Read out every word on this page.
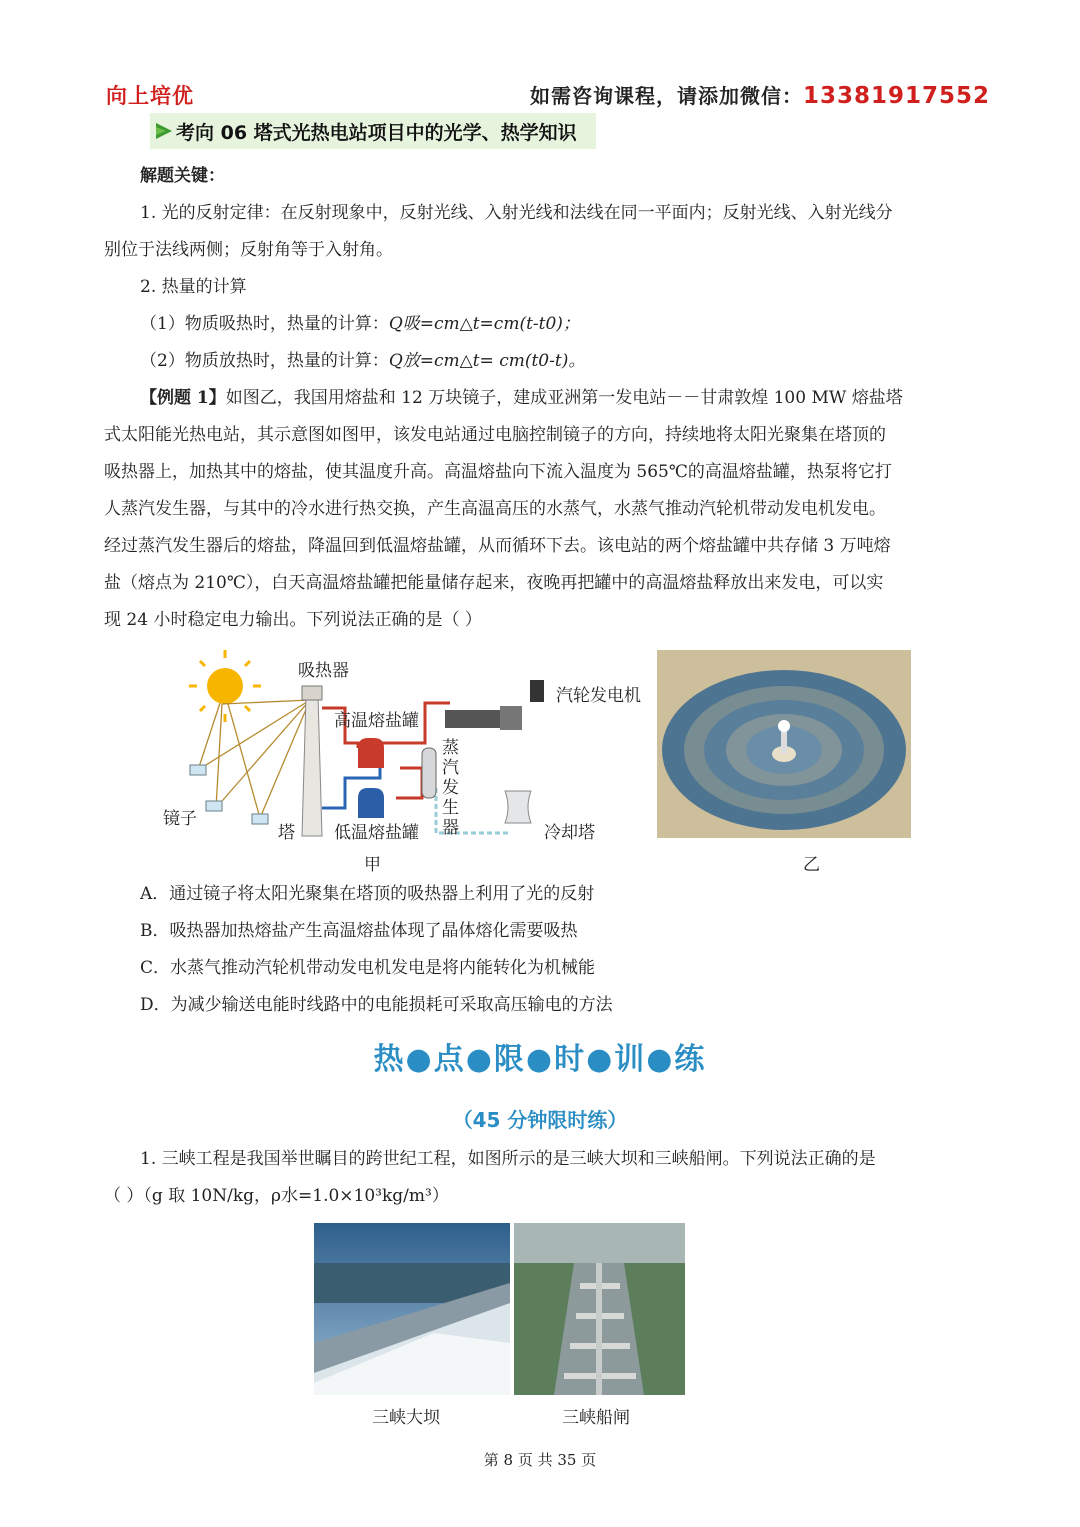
向上培优	如需咨询课程，请添加微信：13381917552
考向 06 塔式光热电站项目中的光学、热学知识
解题关键：
1. 光的反射定律：在反射现象中，反射光线、入射光线和法线在同一平面内；反射光线、入射光线分
别位于法线两侧；反射角等于入射角。
2. 热量的计算
（1）物质吸热时，热量的计算：Q吸=cm△t=cm(t-t0)；
（2）物质放热时，热量的计算：Q放=cm△t= cm(t0-t)。
【例题 1】如图乙，我国用熔盐和 12 万块镜子，建成亚洲第一发电站－－甘肃敦煌 100 MW 熔盐塔
式太阳能光热电站，其示意图如图甲，该发电站通过电脑控制镜子的方向，持续地将太阳光聚集在塔顶的
吸热器上，加热其中的熔盐，使其温度升高。高温熔盐向下流入温度为 565℃的高温熔盐罐，热泵将它打
人蒸汽发生器，与其中的冷水进行热交换，产生高温高压的水蒸气，水蒸气推动汽轮机带动发电机发电。
经过蒸汽发生器后的熔盐，降温回到低温熔盐罐，从而循环下去。该电站的两个熔盐罐中共存储 3 万吨熔
盐（熔点为 210℃），白天高温熔盐罐把能量储存起来，夜晚再把罐中的高温熔盐释放出来发电，可以实
现 24 小时稳定电力输出。下列说法正确的是（ ）
吸热器
高温熔盐罐
汽轮发电机
蒸
汽
发
生
器
镜子
塔 低温熔盐罐	冷却塔
甲	乙
A．通过镜子将太阳光聚集在塔顶的吸热器上利用了光的反射
B．吸热器加热熔盐产生高温熔盐体现了晶体熔化需要吸热
C．水蒸气推动汽轮机带动发电机发电是将内能转化为机械能
D．为减少输送电能时线路中的电能损耗可采取高压输电的方法
热●点●限●时●训●练
（45 分钟限时练）
1. 三峡工程是我国举世瞩目的跨世纪工程，如图所示的是三峡大坝和三峡船闸。下列说法正确的是
（ ）（g 取 10N/kg，ρ水=1.0×10³kg/m³）
三峡大坝	三峡船闸
第 8 页 共 35 页
